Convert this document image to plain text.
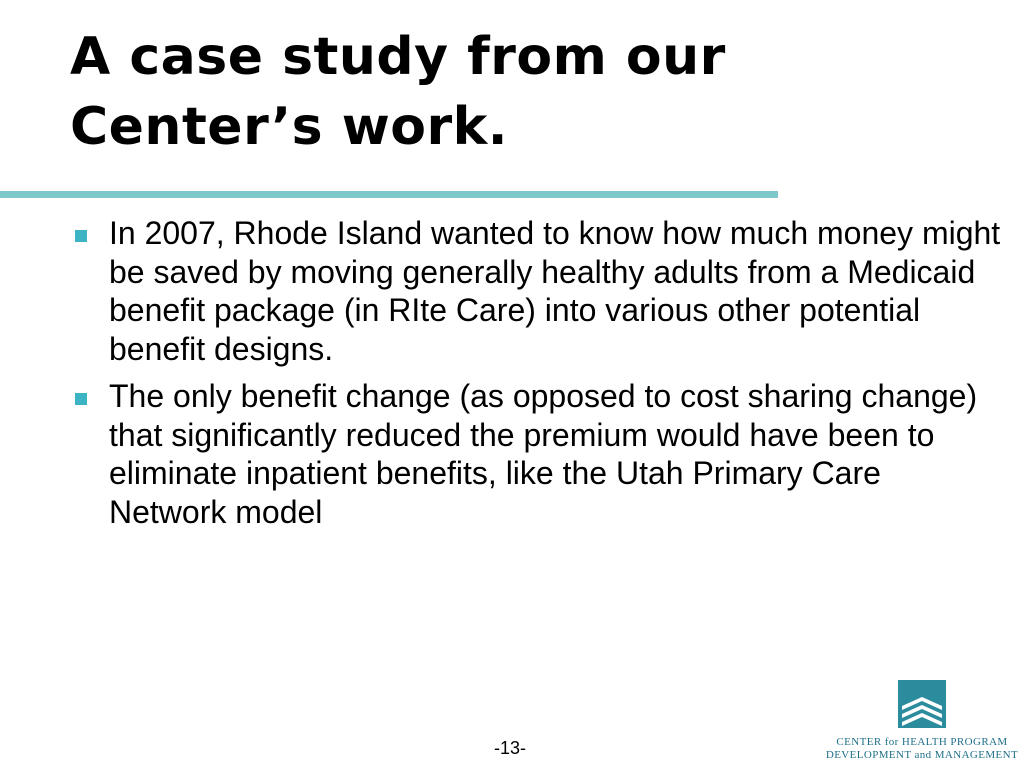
A case study from our
Center’s work.
In 2007, Rhode Island wanted to know how much money might be saved by moving generally healthy adults from a Medicaid benefit package (in RIte Care) into various other potential benefit designs.
The only benefit change (as opposed to cost sharing change) that significantly reduced the premium would have been to eliminate inpatient benefits, like the Utah Primary Care Network model
-13-	CENTER for HEALTH PROGRAM
DEVELOPMENT and MANAGEMENT
